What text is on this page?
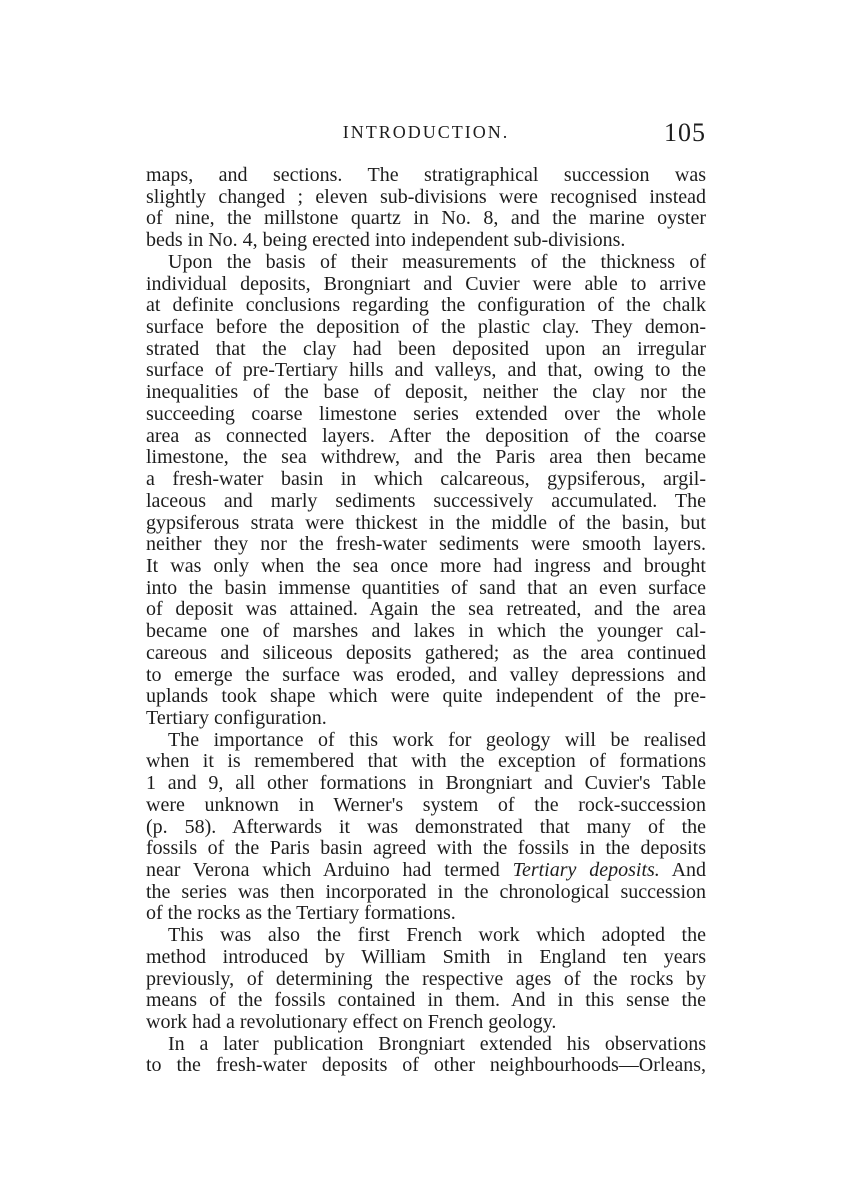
INTRODUCTION.	105
maps, and sections. The stratigraphical succession was
slightly changed ; eleven sub-divisions were recognised instead
of nine, the millstone quartz in No. 8, and the marine oyster
beds in No. 4, being erected into independent sub-divisions.
Upon the basis of their measurements of the thickness of
individual deposits, Brongniart and Cuvier were able to arrive
at definite conclusions regarding the configuration of the chalk
surface before the deposition of the plastic clay. They demon-
strated that the clay had been deposited upon an irregular
surface of pre-Tertiary hills and valleys, and that, owing to the
inequalities of the base of deposit, neither the clay nor the
succeeding coarse limestone series extended over the whole
area as connected layers. After the deposition of the coarse
limestone, the sea withdrew, and the Paris area then became
a fresh-water basin in which calcareous, gypsiferous, argil-
laceous and marly sediments successively accumulated. The
gypsiferous strata were thickest in the middle of the basin, but
neither they nor the fresh-water sediments were smooth layers.
It was only when the sea once more had ingress and brought
into the basin immense quantities of sand that an even surface
of deposit was attained. Again the sea retreated, and the area
became one of marshes and lakes in which the younger cal-
careous and siliceous deposits gathered; as the area continued
to emerge the surface was eroded, and valley depressions and
uplands took shape which were quite independent of the pre-
Tertiary configuration.
The importance of this work for geology will be realised
when it is remembered that with the exception of formations
1 and 9, all other formations in Brongniart and Cuvier's Table
were unknown in Werner's system of the rock-succession
(p. 58). Afterwards it was demonstrated that many of the
fossils of the Paris basin agreed with the fossils in the deposits
near Verona which Arduino had termed Tertiary deposits. And
the series was then incorporated in the chronological succession
of the rocks as the Tertiary formations.
This was also the first French work which adopted the
method introduced by William Smith in England ten years
previously, of determining the respective ages of the rocks by
means of the fossils contained in them. And in this sense the
work had a revolutionary effect on French geology.
In a later publication Brongniart extended his observations
to the fresh-water deposits of other neighbourhoods—Orleans,
